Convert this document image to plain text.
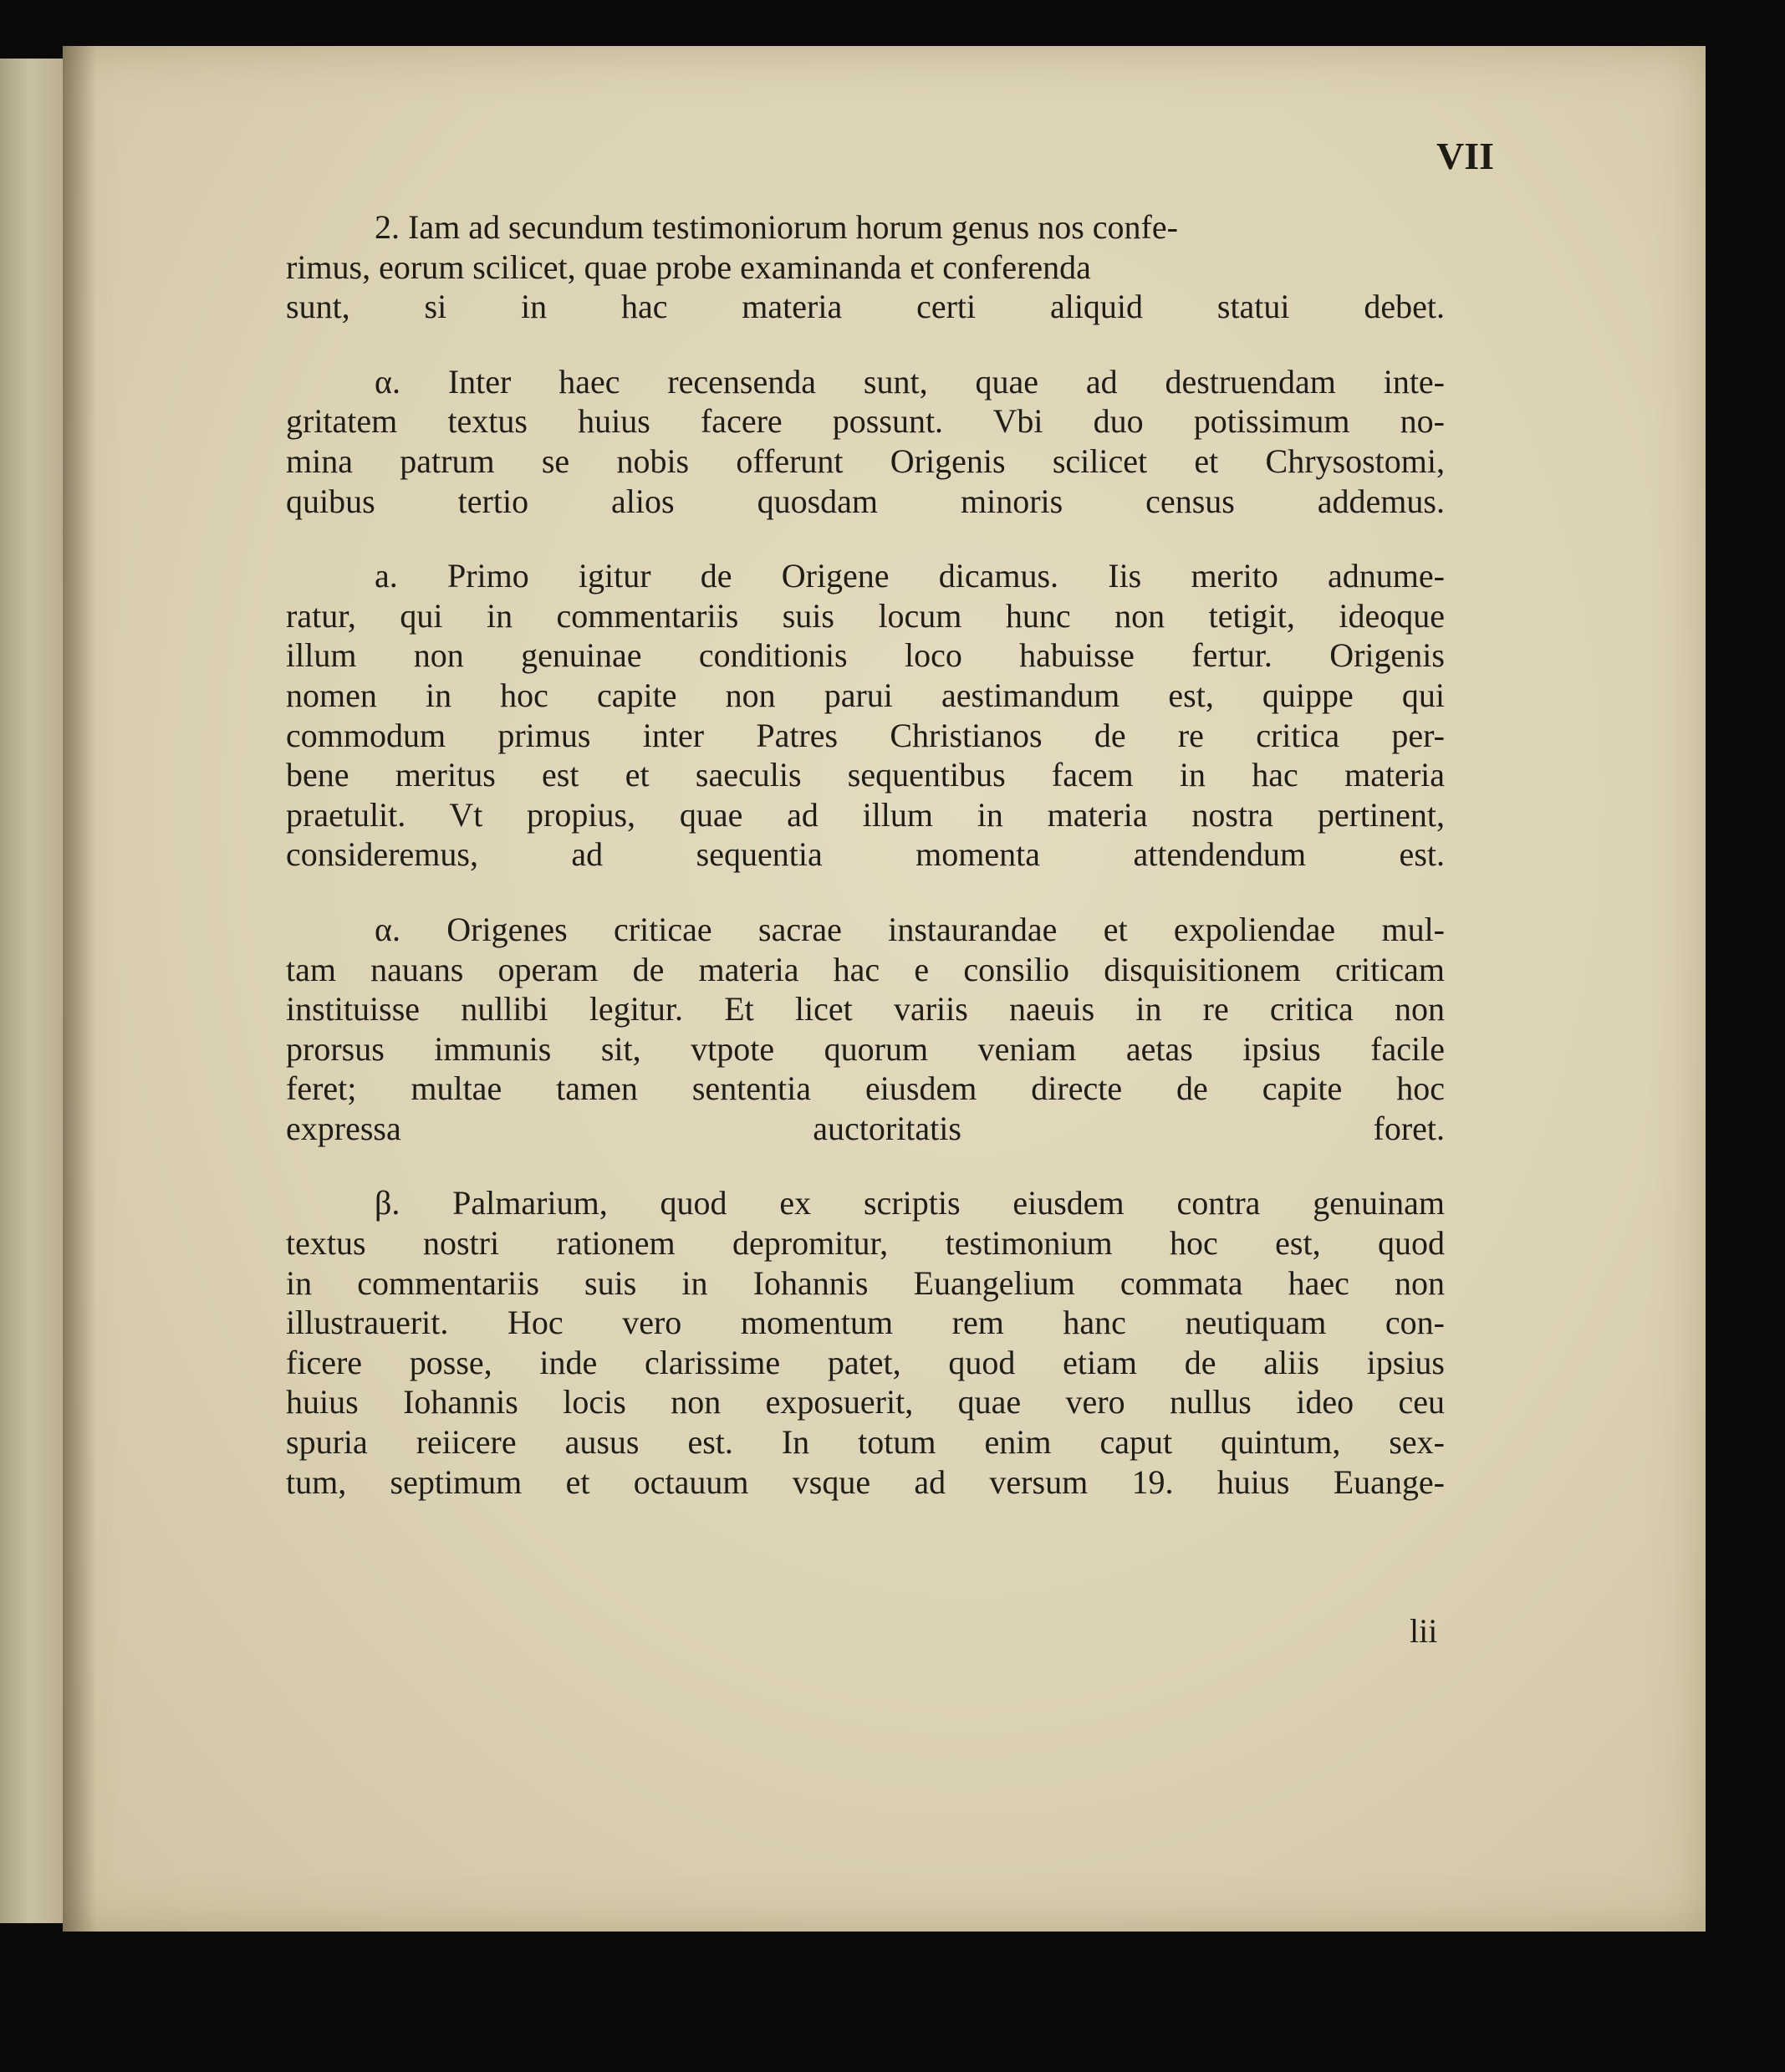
VII
2. Iam ad secundum testimoniorum horum genus nos confe-
rimus, eorum scilicet, quae probe examinanda et conferenda
sunt, si in hac materia certi aliquid statui debet.
α. Inter haec recensenda sunt, quae ad destruendam inte-
gritatem textus huius facere possunt. Vbi duo potissimum no-
mina patrum se nobis offerunt Origenis scilicet et Chrysostomi,
quibus tertio alios quosdam minoris census addemus.
a. Primo igitur de Origene dicamus. Iis merito adnume-
ratur, qui in commentariis suis locum hunc non tetigit, ideoque
illum non genuinae conditionis loco habuisse fertur. Origenis
nomen in hoc capite non parui aestimandum est, quippe qui
commodum primus inter Patres Christianos de re critica per-
bene meritus est et saeculis sequentibus facem in hac materia
praetulit. Vt propius, quae ad illum in materia nostra pertinent,
consideremus, ad sequentia momenta attendendum est.
α. Origenes criticae sacrae instaurandae et expoliendae mul-
tam nauans operam de materia hac e consilio disquisitionem criticam
instituisse nullibi legitur. Et licet variis naeuis in re critica non
prorsus immunis sit, vtpote quorum veniam aetas ipsius facile
feret; multae tamen sententia eiusdem directe de capite hoc
expressa auctoritatis foret.
β. Palmarium, quod ex scriptis eiusdem contra genuinam
textus nostri rationem depromitur, testimonium hoc est, quod
in commentariis suis in Iohannis Euangelium commata haec non
illustrauerit. Hoc vero momentum rem hanc neutiquam con-
ficere posse, inde clarissime patet, quod etiam de aliis ipsius
huius Iohannis locis non exposuerit, quae vero nullus ideo ceu
spuria reiicere ausus est. In totum enim caput quintum, sex-
tum, septimum et octauum vsque ad versum 19. huius Euange-
lii
